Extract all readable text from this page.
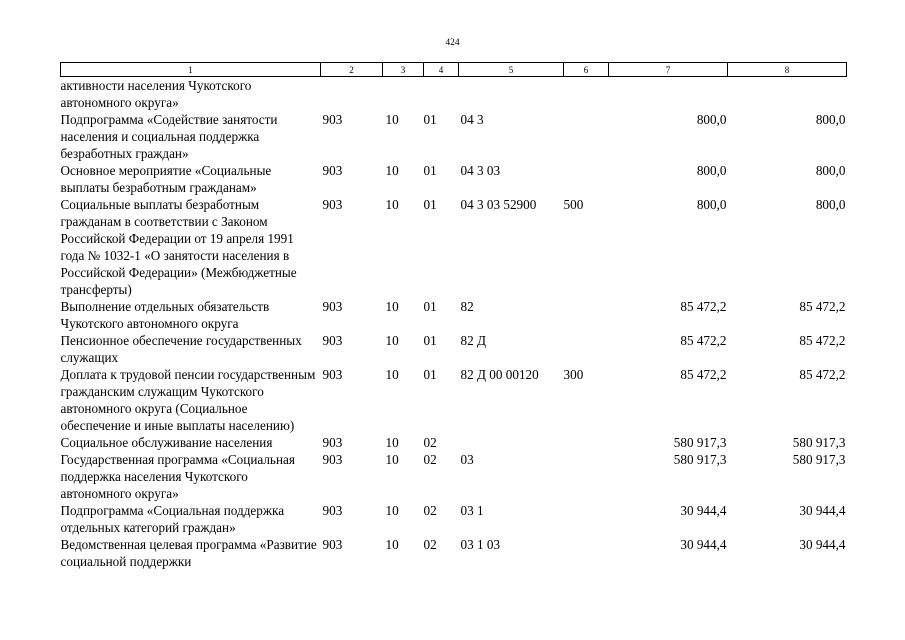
424
1	2	3	4	5	6	7	8
активности населения Чукотского автономного округа»							
Подпрограмма «Содействие занятости населения и социальная поддержка безработных граждан»	903	10	01	04 3		800,0	800,0
Основное мероприятие «Социальные выплаты безработным гражданам»	903	10	01	04 3 03		800,0	800,0
Социальные выплаты безработным гражданам в соответствии с Законом Российской Федерации от 19 апреля 1991 года № 1032-1 «О занятости населения в Российской Федерации» (Межбюджетные трансферты)	903	10	01	04 3 03 52900	500	800,0	800,0
Выполнение отдельных обязательств Чукотского автономного округа	903	10	01	82		85 472,2	85 472,2
Пенсионное обеспечение государственных служащих	903	10	01	82 Д		85 472,2	85 472,2
Доплата к трудовой пенсии государственным гражданским служащим Чукотского автономного округа (Социальное обеспечение и иные выплаты населению)	903	10	01	82 Д 00 00120	300	85 472,2	85 472,2
Социальное обслуживание населения	903	10	02			580 917,3	580 917,3
Государственная программа «Социальная поддержка населения Чукотского автономного округа»	903	10	02	03		580 917,3	580 917,3
Подпрограмма «Социальная поддержка отдельных категорий граждан»	903	10	02	03 1		30 944,4	30 944,4
Ведомственная целевая программа «Развитие социальной поддержки	903	10	02	03 1 03		30 944,4	30 944,4
